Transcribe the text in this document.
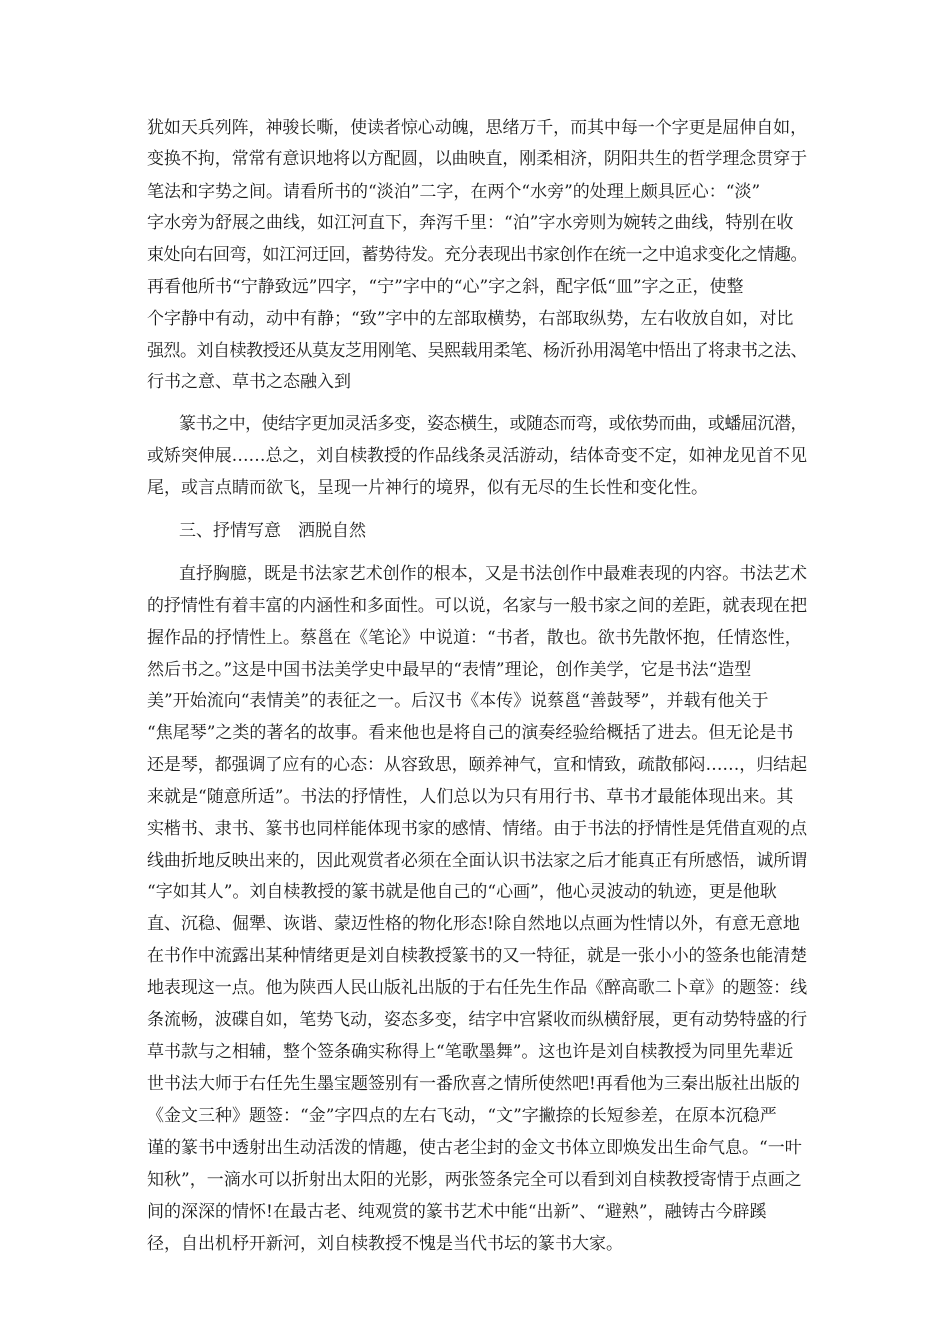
犹如天兵列阵，神骏长嘶，使读者惊心动魄，思绪万千，而其中每一个字更是屈伸自如，
变换不拘，常常有意识地将以方配圆，以曲映直，刚柔相济，阴阳共生的哲学理念贯穿于
笔法和字势之间。请看所书的“淡泊”二字，在两个“水旁”的处理上颇具匠心：“淡”
字水旁为舒展之曲线，如江河直下，奔泻千里：“泊”字水旁则为婉转之曲线，特别在收
束处向右回弯，如江河迂回，蓄势待发。充分表现出书家创作在统一之中追求变化之情趣。
再看他所书“宁静致远”四字，“宁”字中的“心”字之斜，配字低“皿”字之正，使整
个字静中有动，动中有静；“致”字中的左部取横势，右部取纵势，左右收放自如，对比
强烈。刘自椟教授还从莫友芝用刚笔、吴熙载用柔笔、杨沂孙用渴笔中悟出了将隶书之法、
行书之意、草书之态融入到
篆书之中，使结字更加灵活多变，姿态横生，或随态而弯，或依势而曲，或蟠屈沉潜，
或矫突伸展……总之，刘自椟教授的作品线条灵活游动，结体奇变不定，如神龙见首不见
尾，或言点睛而欲飞，呈现一片神行的境界，似有无尽的生长性和变化性。
三、抒情写意　洒脱自然
直抒胸臆，既是书法家艺术创作的根本，又是书法创作中最难表现的内容。书法艺术
的抒情性有着丰富的内涵性和多面性。可以说，名家与一般书家之间的差距，就表现在把
握作品的抒情性上。蔡邕在《笔论》中说道：“书者，散也。欲书先散怀抱，任情恣性，
然后书之。”这是中国书法美学史中最早的“表情”理论，创作美学，它是书法“造型
美”开始流向“表情美”的表征之一。后汉书《本传》说蔡邕“善鼓琴”，并载有他关于
“焦尾琴”之类的著名的故事。看来他也是将自己的演奏经验给概括了进去。但无论是书
还是琴，都强调了应有的心态：从容致思，颐养神气，宣和情致，疏散郁闷……，归结起
来就是“随意所适”。书法的抒情性，人们总以为只有用行书、草书才最能体现出来。其
实楷书、隶书、篆书也同样能体现书家的感情、情绪。由于书法的抒情性是凭借直观的点
线曲折地反映出来的，因此观赏者必须在全面认识书法家之后才能真正有所感悟，诚所谓
“字如其人”。刘自椟教授的篆书就是他自己的“心画”，他心灵波动的轨迹，更是他耿
直、沉稳、倔犟、诙谐、蒙迈性格的物化形态!除自然地以点画为性情以外，有意无意地
在书作中流露出某种情绪更是刘自椟教授篆书的又一特征，就是一张小小的签条也能清楚
地表现这一点。他为陕西人民山版礼出版的于右任先生作品《醉高歌二卜章》的题签：线
条流畅，波碟自如，笔势飞动，姿态多变，结字中宫紧收而纵横舒展，更有动势特盛的行
草书款与之相辅，整个签条确实称得上“笔歌墨舞”。这也许是刘自椟教授为同里先辈近
世书法大师于右任先生墨宝题签别有一番欣喜之情所使然吧!再看他为三秦出版社出版的
《金文三种》题签：“金”字四点的左右飞动，“文”字撇捺的长短参差，在原本沉稳严
谨的篆书中透射出生动活泼的情趣，使古老尘封的金文书体立即焕发出生命气息。“一叶
知秋”，一滴水可以折射出太阳的光影，两张签条完全可以看到刘自椟教授寄情于点画之
间的深深的情怀!在最古老、纯观赏的篆书艺术中能“出新”、“避熟”，融铸古今辟蹊
径，自出机杼开新河，刘自椟教授不愧是当代书坛的篆书大家。
